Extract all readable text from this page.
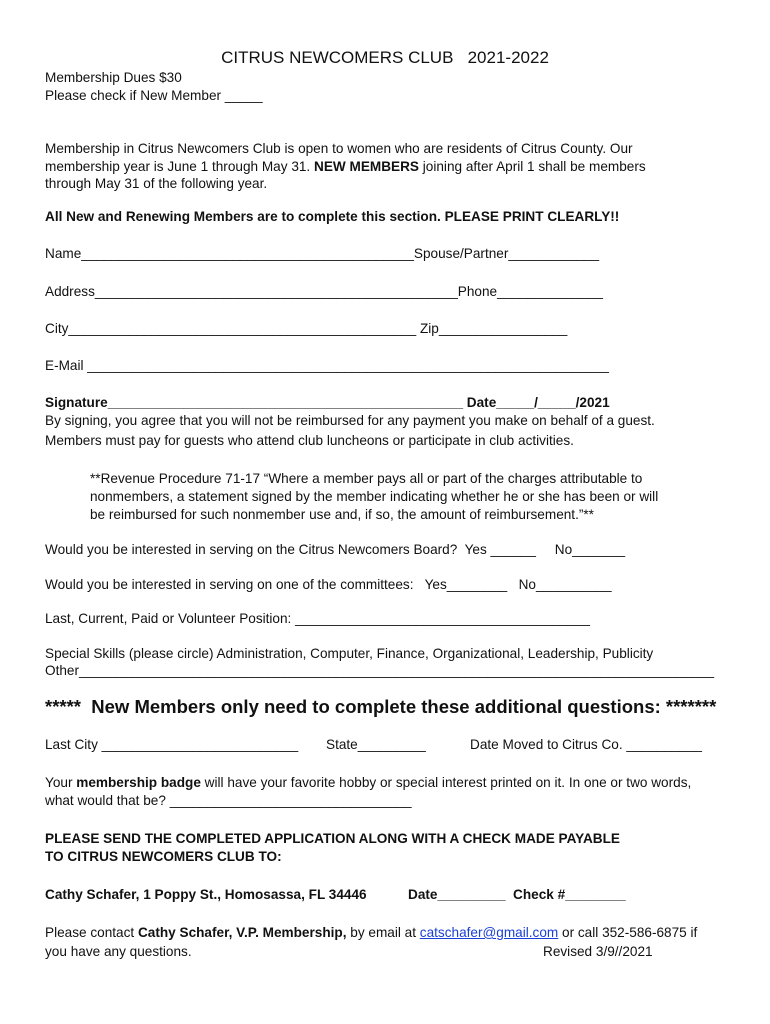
CITRUS NEWCOMERS CLUB   2021-2022
Membership Dues $30
Please check if New Member _____
Membership in Citrus Newcomers Club is open to women who are residents of Citrus County. Our
membership year is June 1 through May 31. NEW MEMBERS joining after April 1 shall be members
through May 31 of the following year.
All New and Renewing Members are to complete this section. PLEASE PRINT CLEARLY!!
Name____________________________________________Spouse/Partner____________
Address________________________________________________Phone______________
City______________________________________________ Zip_________________
E-Mail _____________________________________________________________________
Signature_______________________________________________ Date_____/_____/2021
By signing, you agree that you will not be reimbursed for any payment you make on behalf of a guest.
Members must pay for guests who attend club luncheons or participate in club activities.
**Revenue Procedure 71-17 “Where a member pays all or part of the charges attributable to
nonmembers, a statement signed by the member indicating whether he or she has been or will
be reimbursed for such nonmember use and, if so, the amount of reimbursement.”**
Would you be interested in serving on the Citrus Newcomers Board?  Yes ______     No_______
Would you be interested in serving on one of the committees:   Yes________   No__________
Last, Current, Paid or Volunteer Position: _______________________________________
Special Skills (please circle) Administration, Computer, Finance, Organizational, Leadership, Publicity
Other____________________________________________________________________________________
*****  New Members only need to complete these additional questions: *******
Last City __________________________ State_________	Date Moved to Citrus Co. __________
Your membership badge will have your favorite hobby or special interest printed on it. In one or two words,
what would that be? ________________________________
PLEASE SEND THE COMPLETED APPLICATION ALONG WITH A CHECK MADE PAYABLE
TO CITRUS NEWCOMERS CLUB TO:
Cathy Schafer, 1 Poppy St., Homosassa, FL 34446	Date_________  Check #________
Please contact Cathy Schafer, V.P. Membership, by email at catschafer@gmail.com or call 352-586-6875 if
you have any questions.	Revised 3/9//2021
